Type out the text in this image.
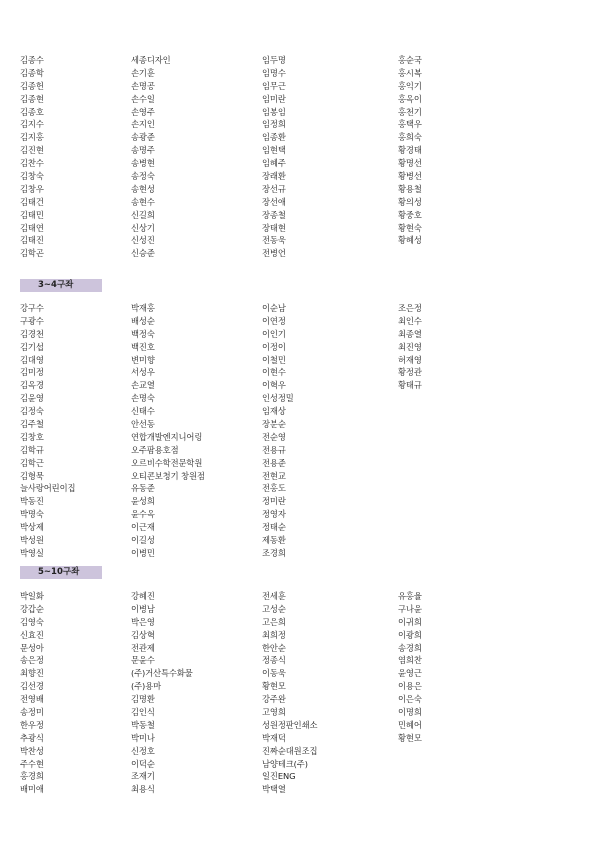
김종수
김종학
김종헌
김종현
김종호
김지수
김지홍
김진현
김찬수
김창숙
김창우
김태건
김태민
김태연
김태진
김학곤
세종디자인
손기훈
손명공
손수일
손영주
손지인
송광준
송명주
송병현
송정숙
송현성
송현수
신길희
신상기
신성진
신승준
임두명
임명수
임무근
임미란
임봉임
임정희
임종환
임현택
임혜주
장래환
장선규
장선애
장종철
장태현
전동욱
전병언
홍순국
홍시복
홍익기
홍옥이
홍천기
홍택우
홍희숙
황경태
황명선
황병선
황용철
황의성
황중호
황현숙
황혜성
3~4구좌
강구수
구광수
김경천
김기섭
김대영
김미정
김옥경
김윤영
김정숙
김주철
김창호
김학규
김학근
김형묵
늘사랑어린이집
박동진
박명숙
박상제
박성원
박영실
박재홍
배성순
백정숙
백진호
변미향
서성우
손교열
손명숙
신태수
안선동
연합개발엔지니어링
오주팜용호점
오르비수학전문학원
오티콘보청기 창원점
유동준
윤성희
윤수옥
이근재
이길성
이병민
이순남
이연정
이인기
이정이
이철민
이현수
이혁우
인성정밀
임재상
장분순
전순영
전용규
전용준
전현교
전홍도
정미란
정영자
정태순
제동환
조경희
조은정
최인수
최종열
최진영
허재영
황정관
황태규
5~10구좌
박일화
강갑순
김영숙
신효진
문성아
송은정
최향진
김선경
전영배
송정미
한우정
추광식
박찬성
주수현
홍경희
배미애
강혜진
이병남
박은영
김상혁
전관제
문윤수
(주)거산특수화물
(주)용마
김명환
김인식
박동철
박미나
신정호
이덕순
조재기
최용식
전세훈
고성순
고은희
최희정
한안순
정종식
이동욱
황현모
강주완
고영희
성원정판인쇄소
박재덕
진짜순대원조집
남양테크(주)
일진ENG
박택열
유홍율
구나윤
이귀희
이광희
송경희
염희찬
윤영근
이용은
이은숙
이명희
민혜어
황현모
